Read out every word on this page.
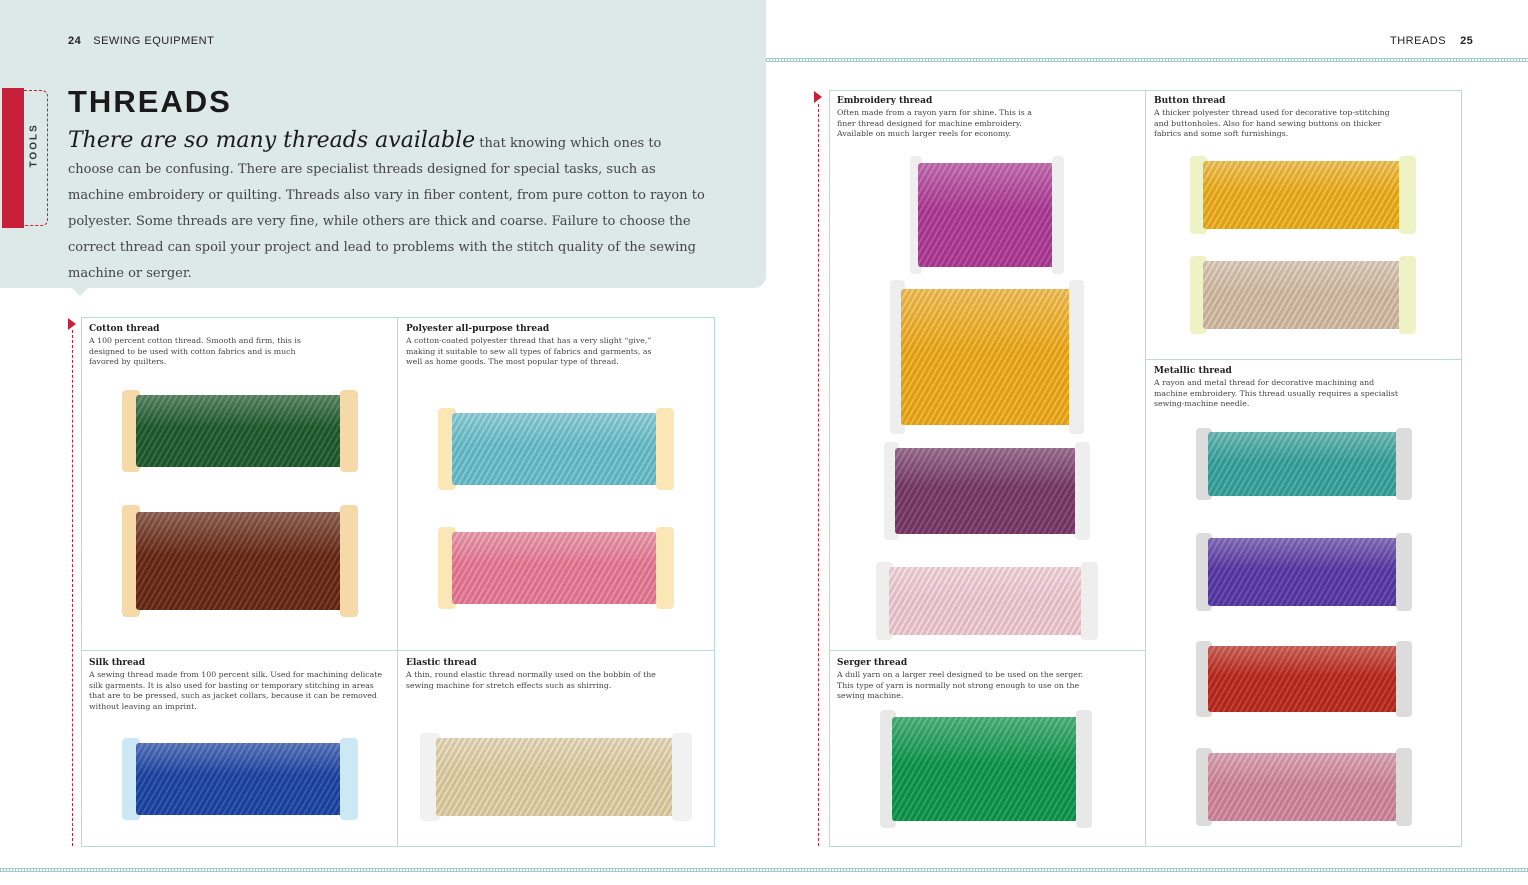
24 SEWING EQUIPMENT	THREADS 25
TOOLS
THREADS

There are so many threads available that knowing which ones to choose can be confusing. There are specialist threads designed for special tasks, such as machine embroidery or quilting. Threads also vary in fiber content, from pure cotton to rayon to polyester. Some threads are very fine, while others are thick and coarse. Failure to choose the correct thread can spoil your project and lead to problems with the stitch quality of the sewing machine or serger.

Cotton thread
A 100 percent cotton thread. Smooth and firm, this is designed to be used with cotton fabrics and is much favored by quilters.
Polyester all-purpose thread
A cotton-coated polyester thread that has a very slight “give,” making it suitable to sew all types of fabrics and garments, as well as home goods. The most popular type of thread.
Silk thread
A sewing thread made from 100 percent silk. Used for machining delicate silk garments. It is also used for basting or temporary stitching in areas that are to be pressed, such as jacket collars, because it can be removed without leaving an imprint.
Elastic thread
A thin, round elastic thread normally used on the bobbin of the sewing machine for stretch effects such as shirring.
Embroidery thread
Often made from a rayon yarn for shine. This is a finer thread designed for machine embroidery. Available on much larger reels for economy.
Button thread
A thicker polyester thread used for decorative top-stitching and buttonholes. Also for hand sewing buttons on thicker fabrics and some soft furnishings.
Metallic thread
A rayon and metal thread for decorative machining and machine embroidery. This thread usually requires a specialist sewing-machine needle.
Serger thread
A dull yarn on a larger reel designed to be used on the serger. This type of yarn is normally not strong enough to use on the sewing machine.
